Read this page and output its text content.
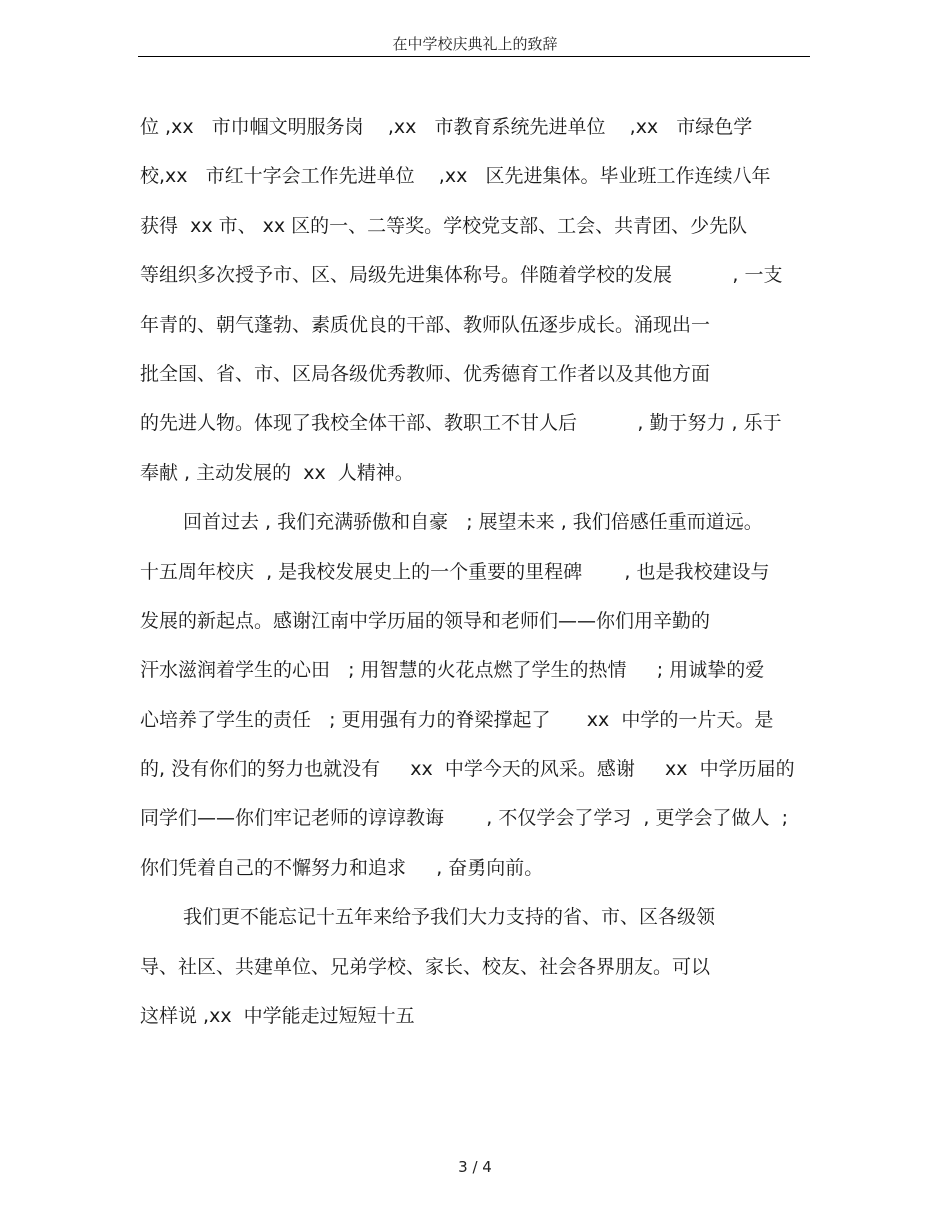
在中学校庆典礼上的致辞
位 ,xx   市巾帼文明服务岗    ,xx   市教育系统先进单位    ,xx   市绿色学
校,xx   市红十字会工作先进单位    ,xx   区先进集体。毕业班工作连续八年
获得  xx 市、 xx 区的一、二等奖。学校党支部、工会、共青团、少先队
等组织多次授予市、区、局级先进集体称号。伴随着学校的发展          , 一支
年青的、朝气蓬勃、素质优良的干部、教师队伍逐步成长。涌现出一
批全国、省、市、区局各级优秀教师、优秀德育工作者以及其他方面
的先进人物。体现了我校全体干部、教职工不甘人后          , 勤于努力 , 乐于
奉献 , 主动发展的  xx  人精神。
回首过去 , 我们充满骄傲和自豪   ; 展望未来 , 我们倍感任重而道远。
十五周年校庆  , 是我校发展史上的一个重要的里程碑       , 也是我校建设与
发展的新起点。感谢江南中学历届的领导和老师们——你们用辛勤的
汗水滋润着学生的心田   ; 用智慧的火花点燃了学生的热情     ; 用诚挚的爱
心培养了学生的责任   ; 更用强有力的脊梁撑起了      xx  中学的一片天。是
的, 没有你们的努力也就没有     xx  中学今天的风采。感谢     xx  中学历届的
同学们——你们牢记老师的谆谆教诲       , 不仅学会了学习  , 更学会了做人  ;
你们凭着自己的不懈努力和追求     , 奋勇向前。
我们更不能忘记十五年来给予我们大力支持的省、市、区各级领
导、社区、共建单位、兄弟学校、家长、校友、社会各界朋友。可以
这样说 ,xx  中学能走过短短十五
3 / 4
